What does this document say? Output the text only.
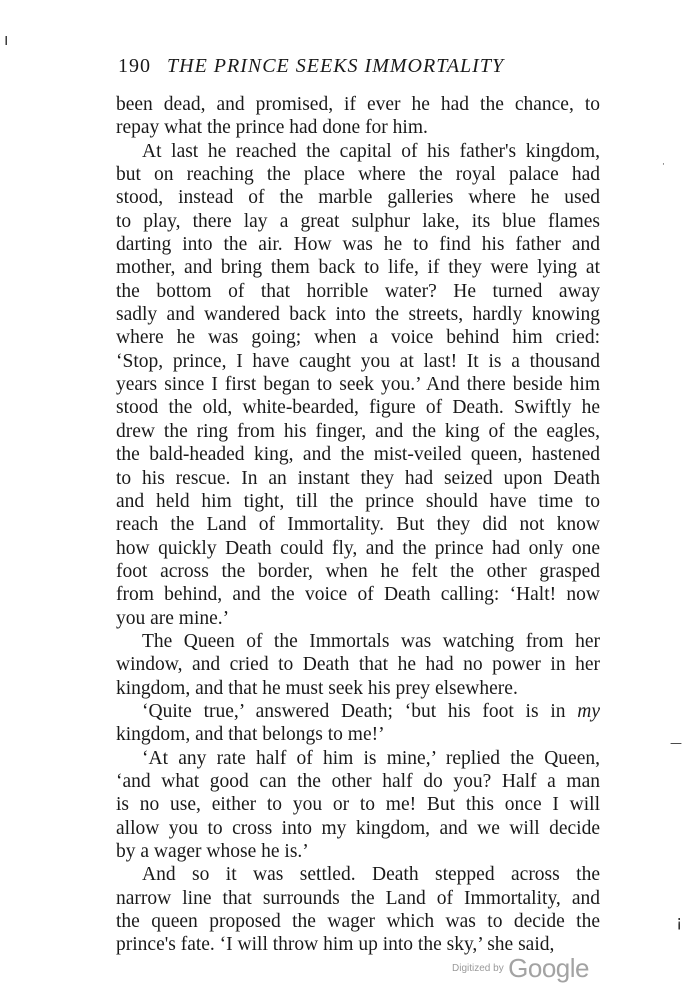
190 THE PRINCE SEEKS IMMORTALITY

been dead, and promised, if ever he had the chance, to

repay what the prince had done for him.

At last he reached the capital of his father's kingdom,

but on reaching the place where the royal palace had

stood, instead of the marble galleries where he used

to play, there lay a great sulphur lake, its blue flames

darting into the air. How was he to find his father and

mother, and bring them back to life, if they were lying at

the bottom of that horrible water? He turned away

sadly and wandered back into the streets, hardly knowing

where he was going; when a voice behind him cried:

‘Stop, prince, I have caught you at last! It is a thousand

years since I first began to seek you.’ And there beside him

stood the old, white-bearded, figure of Death. Swiftly he

drew the ring from his finger, and the king of the eagles,

the bald-headed king, and the mist-veiled queen, hastened

to his rescue. In an instant they had seized upon Death

and held him tight, till the prince should have time to

reach the Land of Immortality. But they did not know

how quickly Death could fly, and the prince had only one

foot across the border, when he felt the other grasped

from behind, and the voice of Death calling: ‘Halt! now

you are mine.’

The Queen of the Immortals was watching from her

window, and cried to Death that he had no power in her

kingdom, and that he must seek his prey elsewhere.

‘Quite true,’ answered Death; ‘but his foot is in my

kingdom, and that belongs to me!’

‘At any rate half of him is mine,’ replied the Queen,

‘and what good can the other half do you? Half a man

is no use, either to you or to me! But this once I will

allow you to cross into my kingdom, and we will decide

by a wager whose he is.’

And so it was settled. Death stepped across the

narrow line that surrounds the Land of Immortality, and

the queen proposed the wager which was to decide the

prince's fate. ‘I will throw him up into the sky,’ she said,

ı
·
—
¡
Digitized by Google
